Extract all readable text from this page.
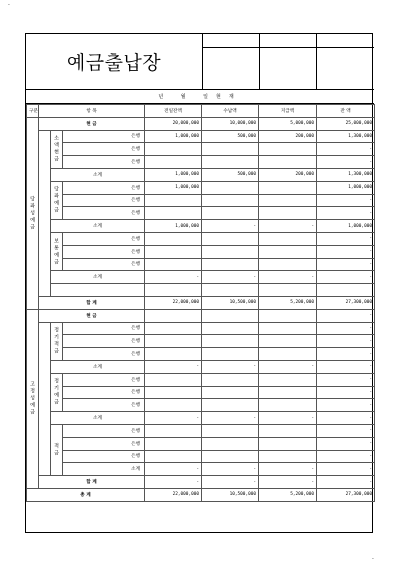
·
예금출납장
년 월 일현재
구분	항 목			전일잔액	수납액	지급액	잔 액
당좌성예금	현 금			20,000,000	10,000,000	5,000,000	25,000,000
		소액현금	은행	1,000,000	500,000	200,000	1,300,000
			은행				-
			은행				-
		소계		1,000,000	500,000	200,000	1,300,000
		당좌예금	은행	1,000,000			1,000,000
			은행				-
			은행				-
		소계		1,000,000	-	-	1,000,000
		보통예금	은행				-
			은행				-
			은행				-
		소계		-	-	-	-

	합 계			22,000,000	10,500,000	5,200,000	27,300,000
고정성예금	현 금						-
		정기적금	은행				-
			은행				-
			은행				-
		소계		-	-	-	-
		정기예금	은행				-
			은행				-
			은행				-
		소계		-	-	-	-
		적금	은행				-
			은행				-
			은행				-
			소계	-	-	-	-
	합 계			-	-	-	-
총 계				22,000,000	10,500,000	5,200,000	27,300,000
·
